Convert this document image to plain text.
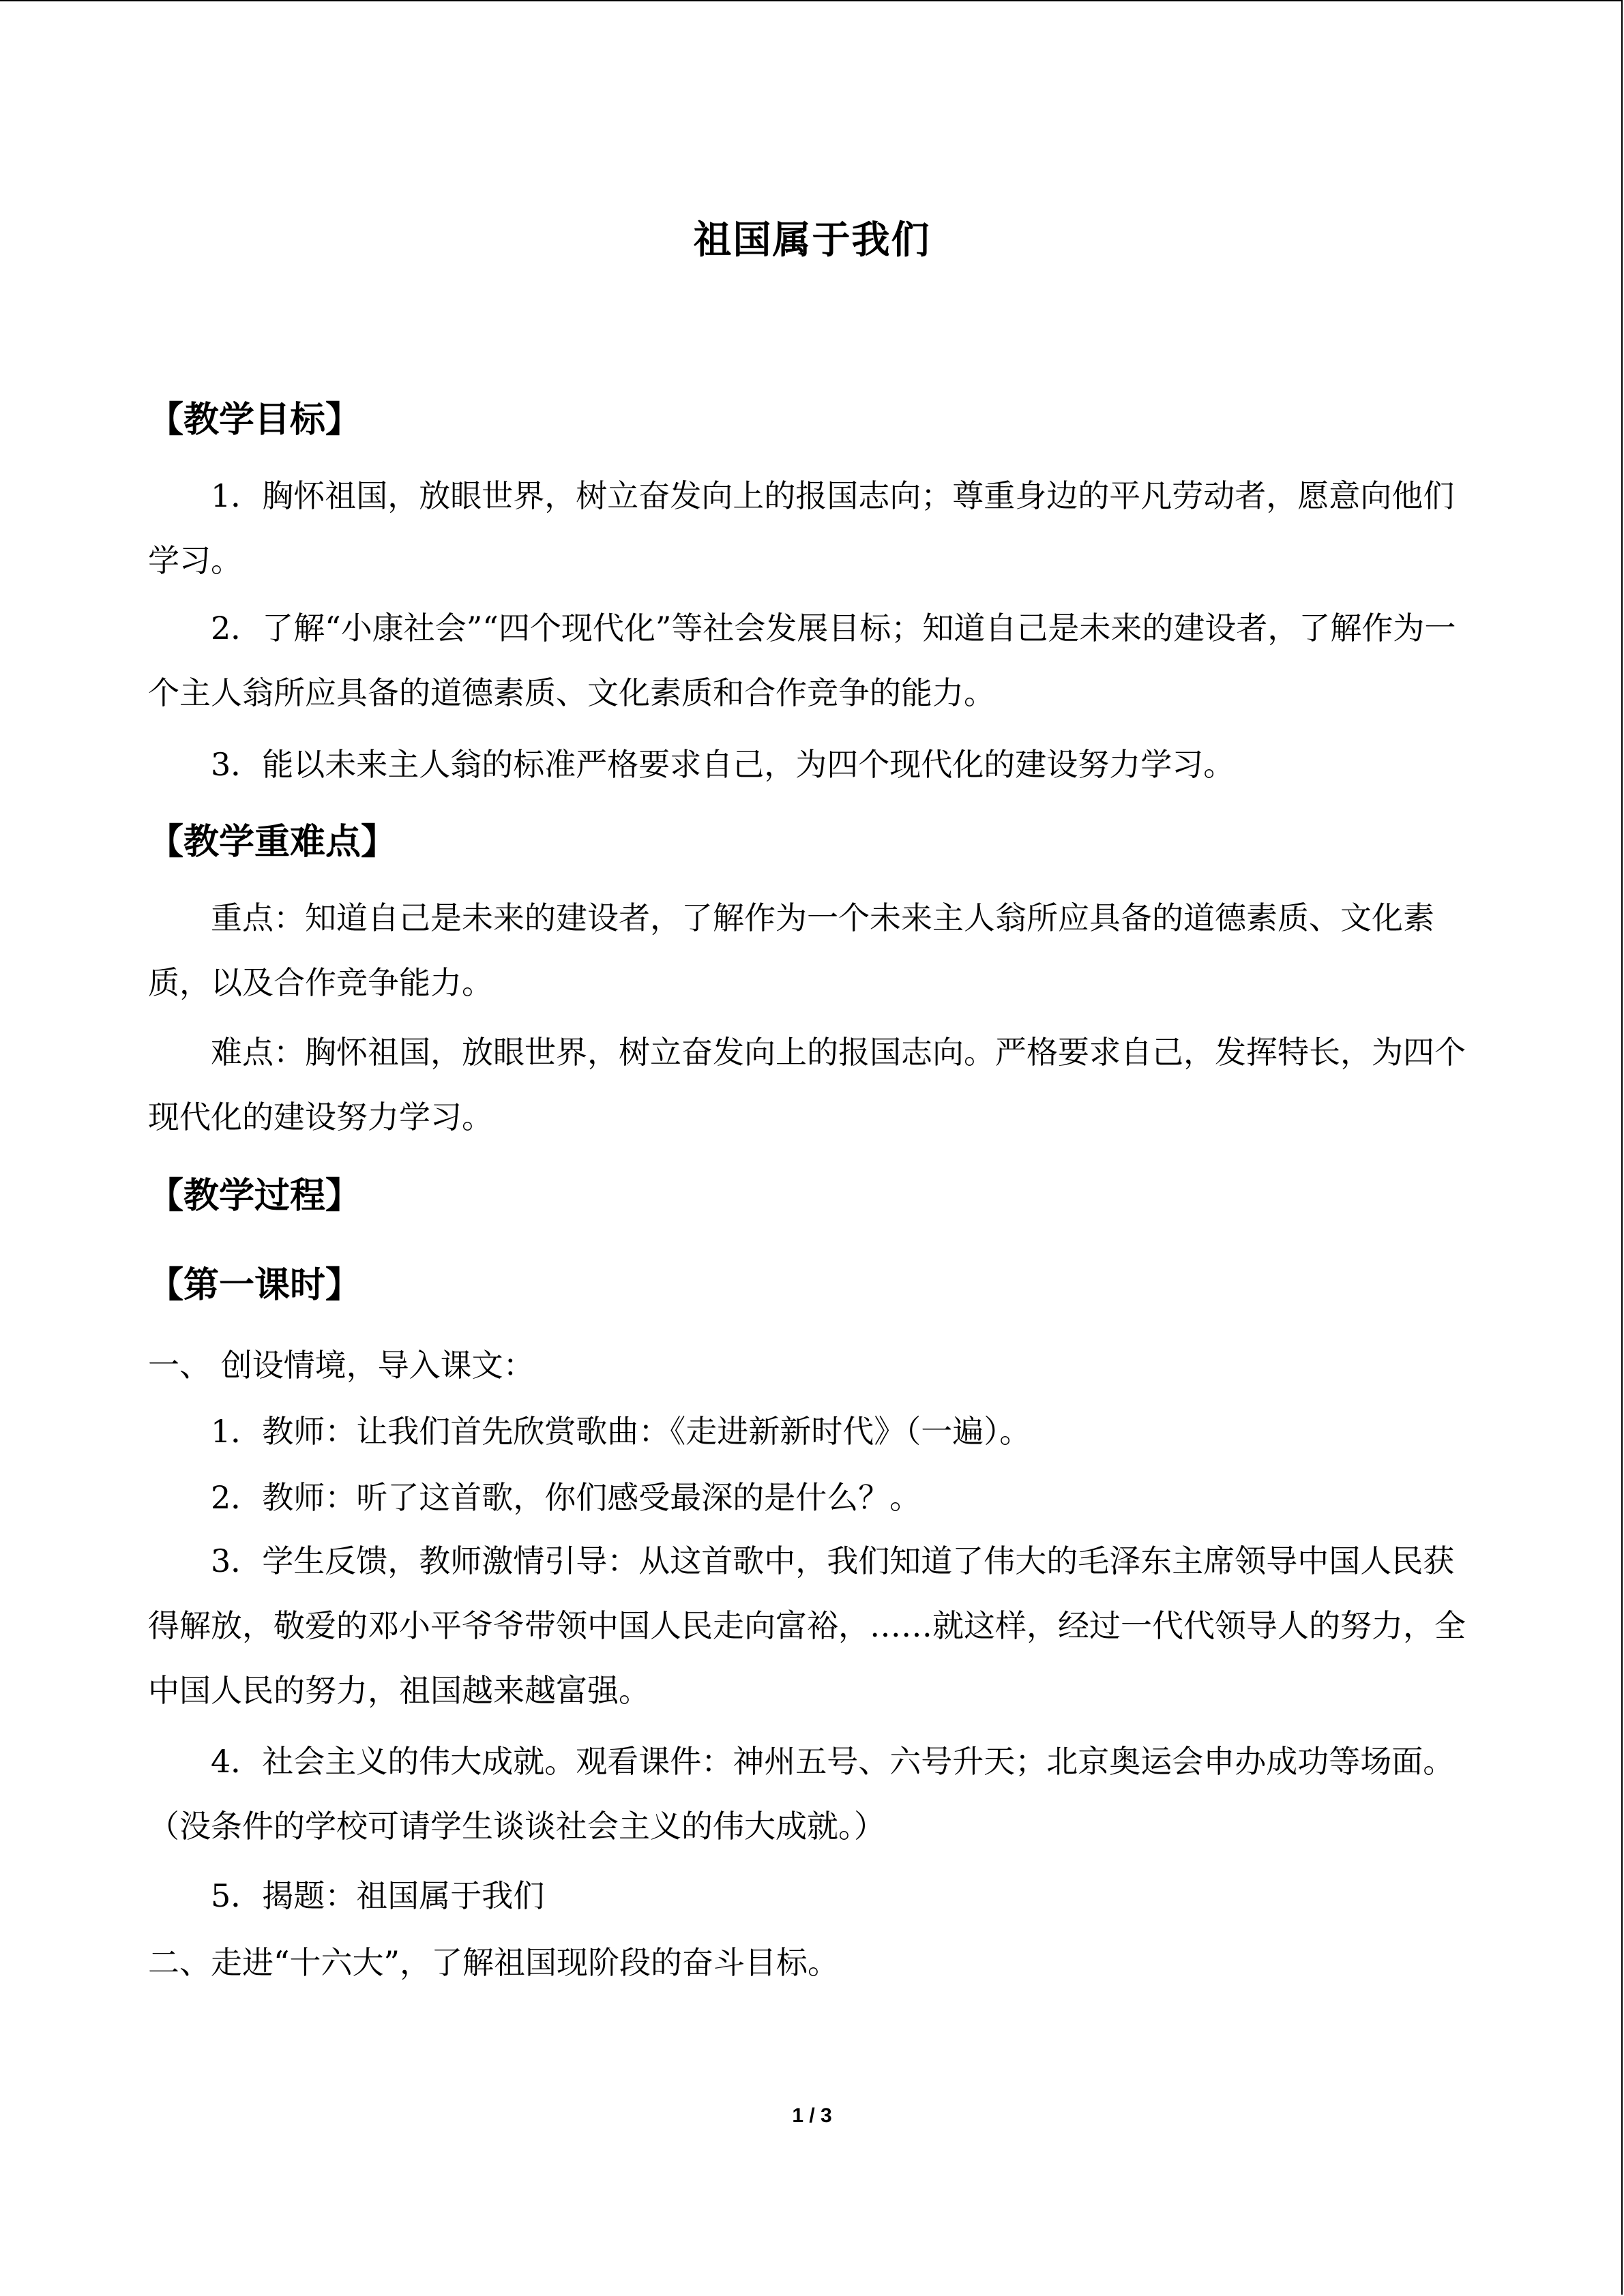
祖国属于我们
【教学目标】
1．胸怀祖国，放眼世界，树立奋发向上的报国志向；尊重身边的平凡劳动者，愿意向他们学习。
2．了解“小康社会”“四个现代化”等社会发展目标；知道自己是未来的建设者，了解作为一个主人翁所应具备的道德素质、文化素质和合作竞争的能力。
3．能以未来主人翁的标准严格要求自己，为四个现代化的建设努力学习。
【教学重难点】
重点：知道自己是未来的建设者，了解作为一个未来主人翁所应具备的道德素质、文化素质，以及合作竞争能力。
难点：胸怀祖国，放眼世界，树立奋发向上的报国志向。严格要求自己，发挥特长，为四个现代化的建设努力学习。
【教学过程】
【第一课时】
一、 创设情境，导入课文：
1．教师：让我们首先欣赏歌曲：《走进新新时代》（一遍）。
2．教师：听了这首歌，你们感受最深的是什么？。
3．学生反馈，教师激情引导：从这首歌中，我们知道了伟大的毛泽东主席领导中国人民获得解放，敬爱的邓小平爷爷带领中国人民走向富裕，……就这样，经过一代代领导人的努力，全中国人民的努力，祖国越来越富强。
4．社会主义的伟大成就。观看课件：神州五号、六号升天；北京奥运会申办成功等场面。（没条件的学校可请学生谈谈社会主义的伟大成就。）
5．揭题：祖国属于我们
二、走进“十六大”，了解祖国现阶段的奋斗目标。
1 / 3
